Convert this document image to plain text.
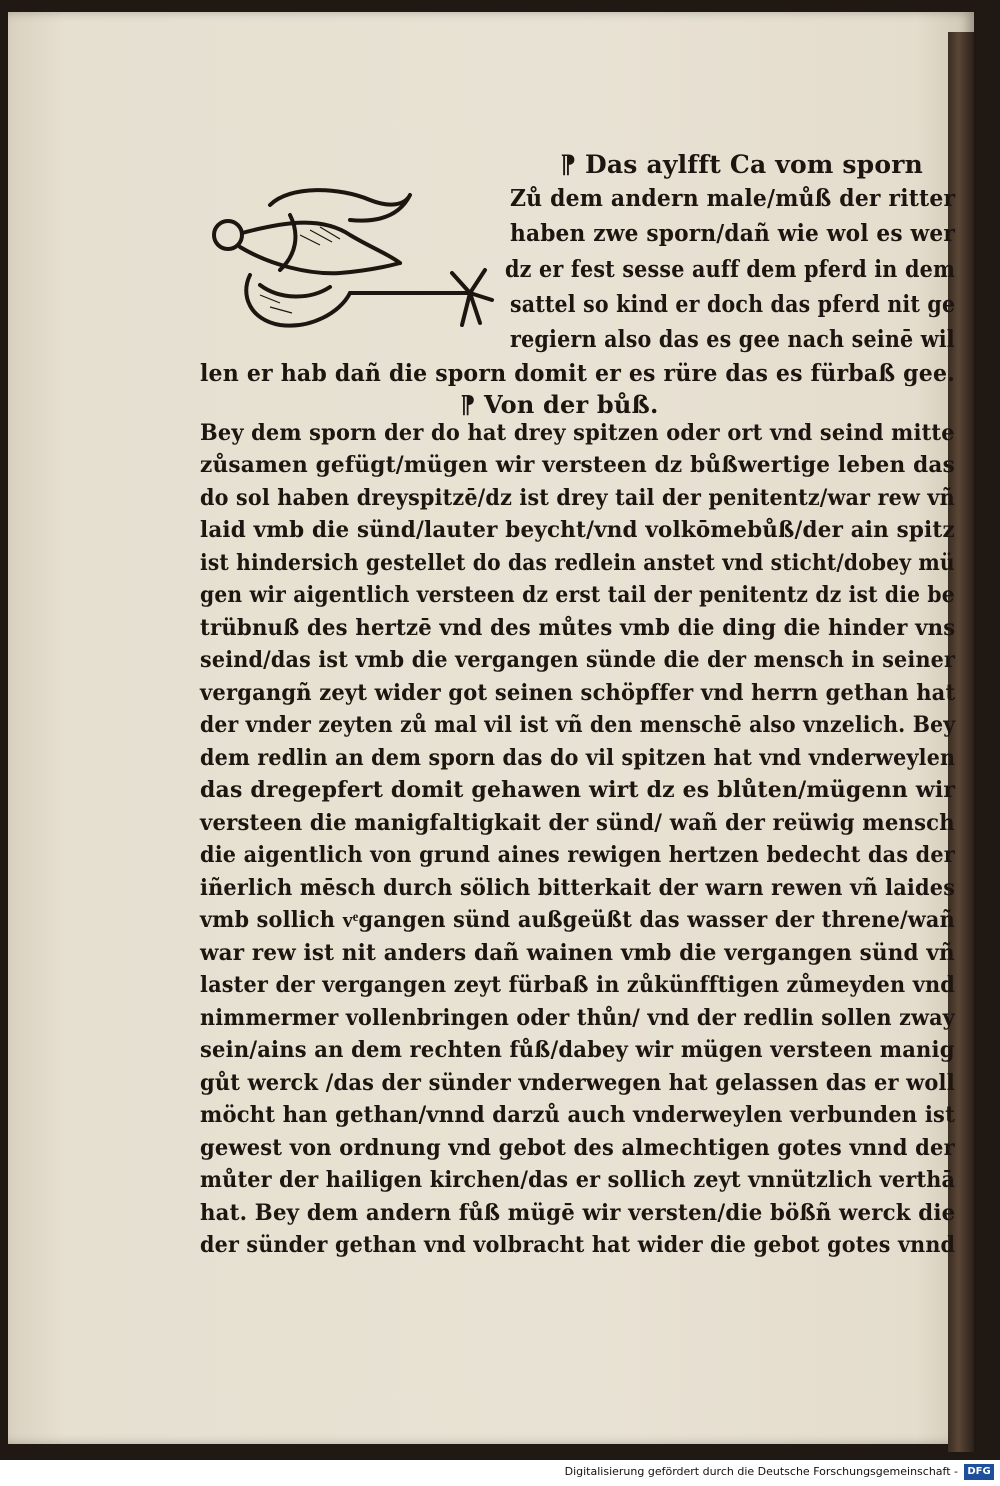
⁋ Das aylfft Ca vom sporn
Zů dem andern male/můß der ritter
haben zwe sporn/dañ wie wol es wer
dz er fest sesse auff dem pferd in dem
sattel so kind er doch das pferd nit ge
regiern also das es gee nach seinē wil
len er hab dañ die sporn domit er es rüre das es fürbaß gee.
⁋ Von der bůß.
Bey dem sporn der do hat drey spitzen oder ort vnd seind mitte
zůsamen gefügt/mügen wir versteen dz bůßwertige leben das
do sol haben dreyspitzē/dz ist drey tail der penitentz/war rew vñ
laid vmb die sünd/lauter beycht/vnd volkōmebůß/der ain spitz
ist hindersich gestellet do das redlein anstet vnd sticht/dobey mü
gen wir aigentlich versteen dz erst tail der penitentz dz ist die be
trübnuß des hertzē vnd des můtes vmb die ding die hinder vns
seind/das ist vmb die vergangen sünde die der mensch in seiner
vergangñ zeyt wider got seinen schöpffer vnd herrn gethan hat
der vnder zeyten zů mal vil ist vñ den menschē also vnzelich. Bey
dem redlin an dem sporn das do vil spitzen hat vnd vnderweylen
das dregepfert domit gehawen wirt dz es blůten/mügenn wir
versteen die manigfaltigkait der sünd/ wañ der reüwig mensch
die aigentlich von grund aines rewigen hertzen bedecht das der
iñerlich mēsch durch sölich bitterkait der warn rewen vñ laides
vmb sollich vͤgangen sünd außgeüßt das wasser der threne/wañ
war rew ist nit anders dañ wainen vmb die vergangen sünd vñ
laster der vergangen zeyt fürbaß in zůkünfftigen zůmeyden vnd
nimmermer vollenbringen oder thůn/ vnd der redlin sollen zway
sein/ains an dem rechten fůß/dabey wir mügen versteen manig
gůt werck /das der sünder vnderwegen hat gelassen das er woll
möcht han gethan/vnnd darzů auch vnderweylen verbunden ist
gewest von ordnung vnd gebot des almechtigen gotes vnnd der
můter der hailigen kirchen/das er sollich zeyt vnnützlich verthā
hat. Bey dem andern fůß mügē wir versten/die bößñ werck die
der sünder gethan vnd volbracht hat wider die gebot gotes vnnd
Digitalisierung gefördert durch die Deutsche Forschungsgemeinschaft - DFG
